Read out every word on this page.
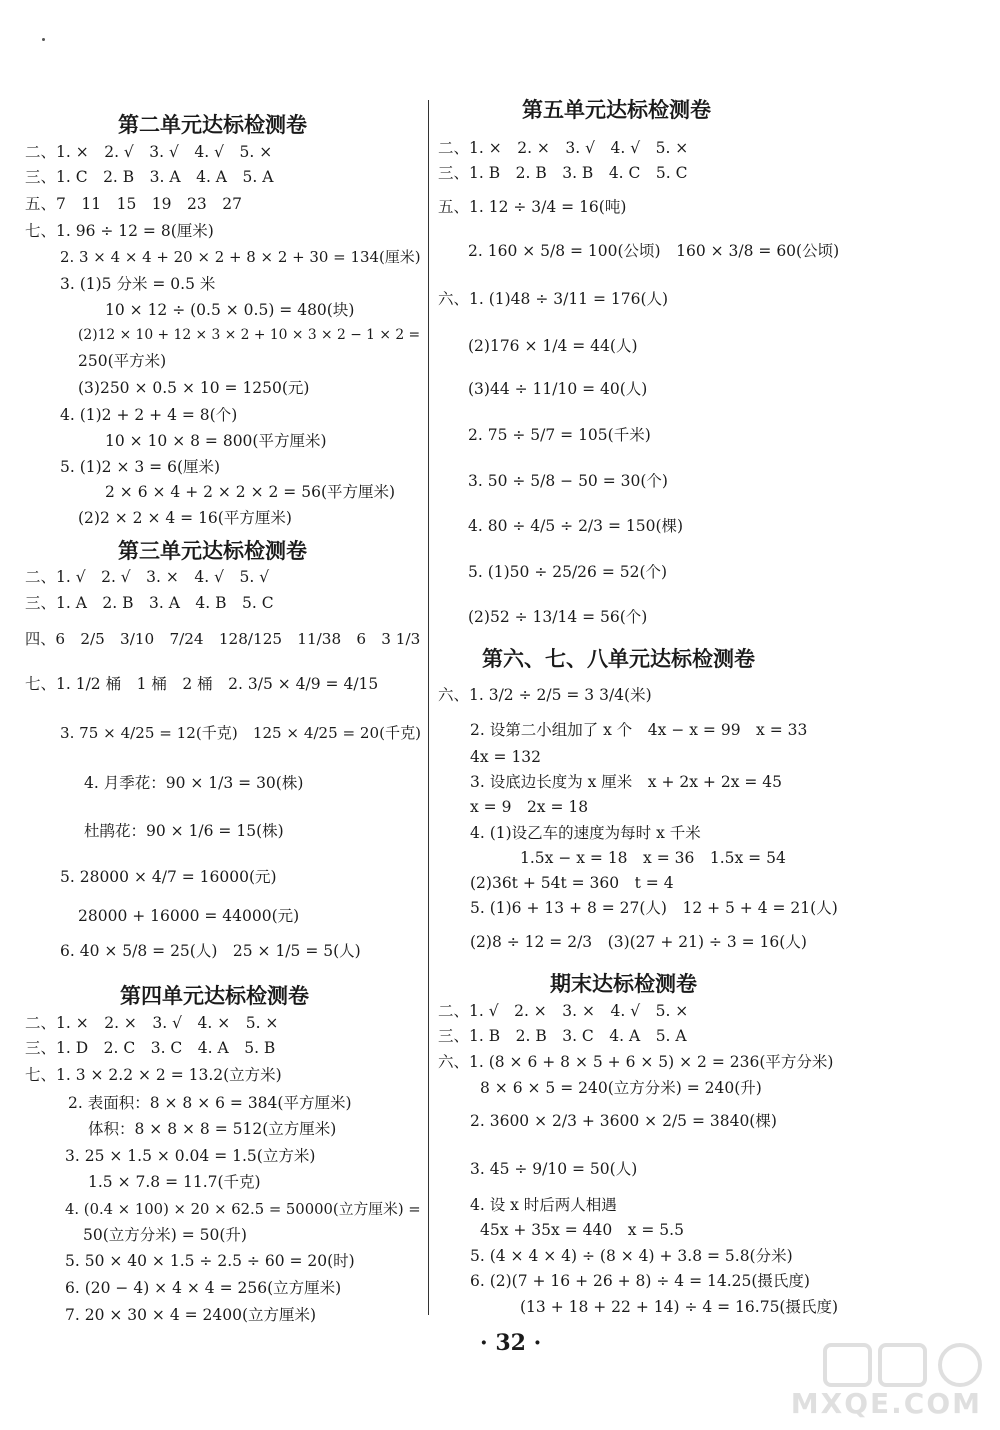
第二单元达标检测卷
二、1. ×　2. √　3. √　4. √　5. ×
三、1. C　2. B　3. A　4. A　5. A
五、7　11　15　19　23　27
七、1. 96 ÷ 12 = 8(厘米)
2. 3 × 4 × 4 + 20 × 2 + 8 × 2 + 30 = 134(厘米)
3. (1)5 分米 = 0.5 米
10 × 12 ÷ (0.5 × 0.5) = 480(块)
(2)12 × 10 + 12 × 3 × 2 + 10 × 3 × 2 − 1 × 2 =
250(平方米)
(3)250 × 0.5 × 10 = 1250(元)
4. (1)2 + 2 + 4 = 8(个)
10 × 10 × 8 = 800(平方厘米)
5. (1)2 × 3 = 6(厘米)
2 × 6 × 4 + 2 × 2 × 2 = 56(平方厘米)
(2)2 × 2 × 4 = 16(平方厘米)
第三单元达标检测卷
二、1. √　2. √　3. ×　4. √　5. √
三、1. A　2. B　3. A　4. B　5. C
四、6　2/5　3/10　7/24　128/125　11/38　6　3 1/3
七、1. 1/2 桶　1 桶　2 桶　2. 3/5 × 4/9 = 4/15
3. 75 × 4/25 = 12(千克)　125 × 4/25 = 20(千克)
4. 月季花：90 × 1/3 = 30(株)
杜鹃花：90 × 1/6 = 15(株)
5. 28000 × 4/7 = 16000(元)
28000 + 16000 = 44000(元)
6. 40 × 5/8 = 25(人)　25 × 1/5 = 5(人)
第四单元达标检测卷
二、1. ×　2. ×　3. √　4. ×　5. ×
三、1. D　2. C　3. C　4. A　5. B
七、1. 3 × 2.2 × 2 = 13.2(立方米)
2. 表面积：8 × 8 × 6 = 384(平方厘米)
体积：8 × 8 × 8 = 512(立方厘米)
3. 25 × 1.5 × 0.04 = 1.5(立方米)
1.5 × 7.8 = 11.7(千克)
4. (0.4 × 100) × 20 × 62.5 = 50000(立方厘米) =
50(立方分米) = 50(升)
5. 50 × 40 × 1.5 ÷ 2.5 ÷ 60 = 20(时)
6. (20 − 4) × 4 × 4 = 256(立方厘米)
7. 20 × 30 × 4 = 2400(立方厘米)
第五单元达标检测卷
二、1. ×　2. ×　3. √　4. √　5. ×
三、1. B　2. B　3. B　4. C　5. C
五、1. 12 ÷ 3/4 = 16(吨)
2. 160 × 5/8 = 100(公顷)　160 × 3/8 = 60(公顷)
六、1. (1)48 ÷ 3/11 = 176(人)
(2)176 × 1/4 = 44(人)
(3)44 ÷ 11/10 = 40(人)
2. 75 ÷ 5/7 = 105(千米)
3. 50 ÷ 5/8 − 50 = 30(个)
4. 80 ÷ 4/5 ÷ 2/3 = 150(棵)
5. (1)50 ÷ 25/26 = 52(个)
(2)52 ÷ 13/14 = 56(个)
第六、七、八单元达标检测卷
六、1. 3/2 ÷ 2/5 = 3 3/4(米)
2. 设第二小组加了 x 个　4x − x = 99　x = 33
4x = 132
3. 设底边长度为 x 厘米　x + 2x + 2x = 45
x = 9　2x = 18
4. (1)设乙车的速度为每时 x 千米
1.5x − x = 18　x = 36　1.5x = 54
(2)36t + 54t = 360　t = 4
5. (1)6 + 13 + 8 = 27(人)　12 + 5 + 4 = 21(人)
(2)8 ÷ 12 = 2/3　(3)(27 + 21) ÷ 3 = 16(人)
期末达标检测卷
二、1. √　2. ×　3. ×　4. √　5. ×
三、1. B　2. B　3. C　4. A　5. A
六、1. (8 × 6 + 8 × 5 + 6 × 5) × 2 = 236(平方分米)
8 × 6 × 5 = 240(立方分米) = 240(升)
2. 3600 × 2/3 + 3600 × 2/5 = 3840(棵)
3. 45 ÷ 9/10 = 50(人)
4. 设 x 时后两人相遇
45x + 35x = 440　x = 5.5
5. (4 × 4 × 4) ÷ (8 × 4) + 3.8 = 5.8(分米)
6. (2)(7 + 16 + 26 + 8) ÷ 4 = 14.25(摄氏度)
(13 + 18 + 22 + 14) ÷ 4 = 16.75(摄氏度)
· 32 ·
MXQE.COM
